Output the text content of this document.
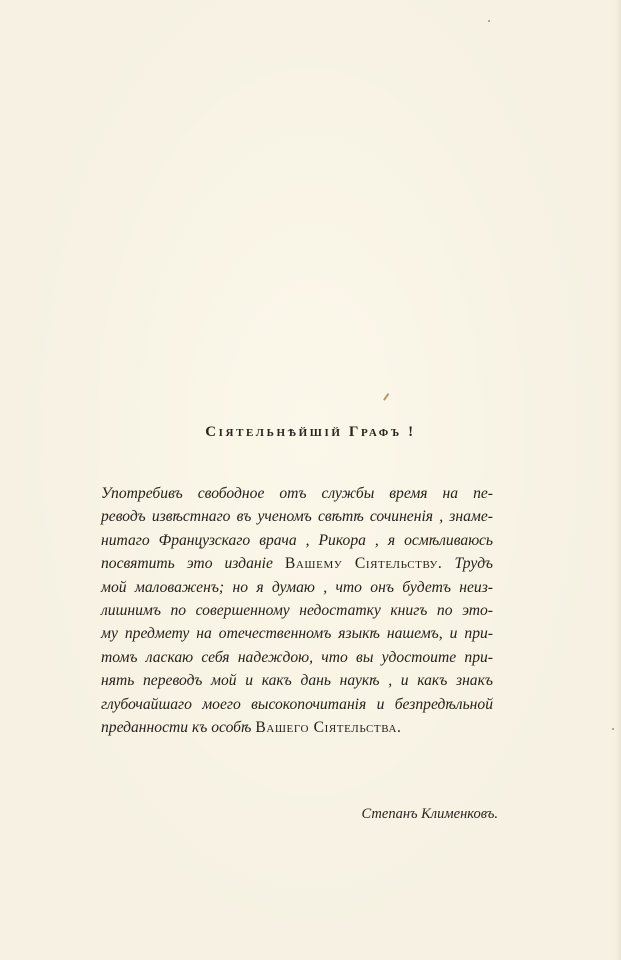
Сіятельнѣйшій Графъ !
Употребивъ свободное отъ службы время на пе-
реводъ извѣстнаго въ ученомъ свѣтѣ сочиненія , знаме-
нитаго Французскаго врача , Рикора , я осмѣливаюсь
посвятить это изданіе Вашему Сіятельству. Трудъ
мой маловаженъ; но я думаю , что онъ будетъ неиз-
лишнимъ по совершенному недостатку книгъ по это-
му предмету на отечественномъ языкѣ нашемъ, и при-
томъ ласкаю себя надеждою, что вы удостоите при-
нять переводъ мой и какъ дань наукѣ , и какъ знакъ
глубочайшаго моего высокопочитанія и безпредѣльной
преданности къ особѣ Вашего Сіятельства.
Степанъ Клименковъ.
